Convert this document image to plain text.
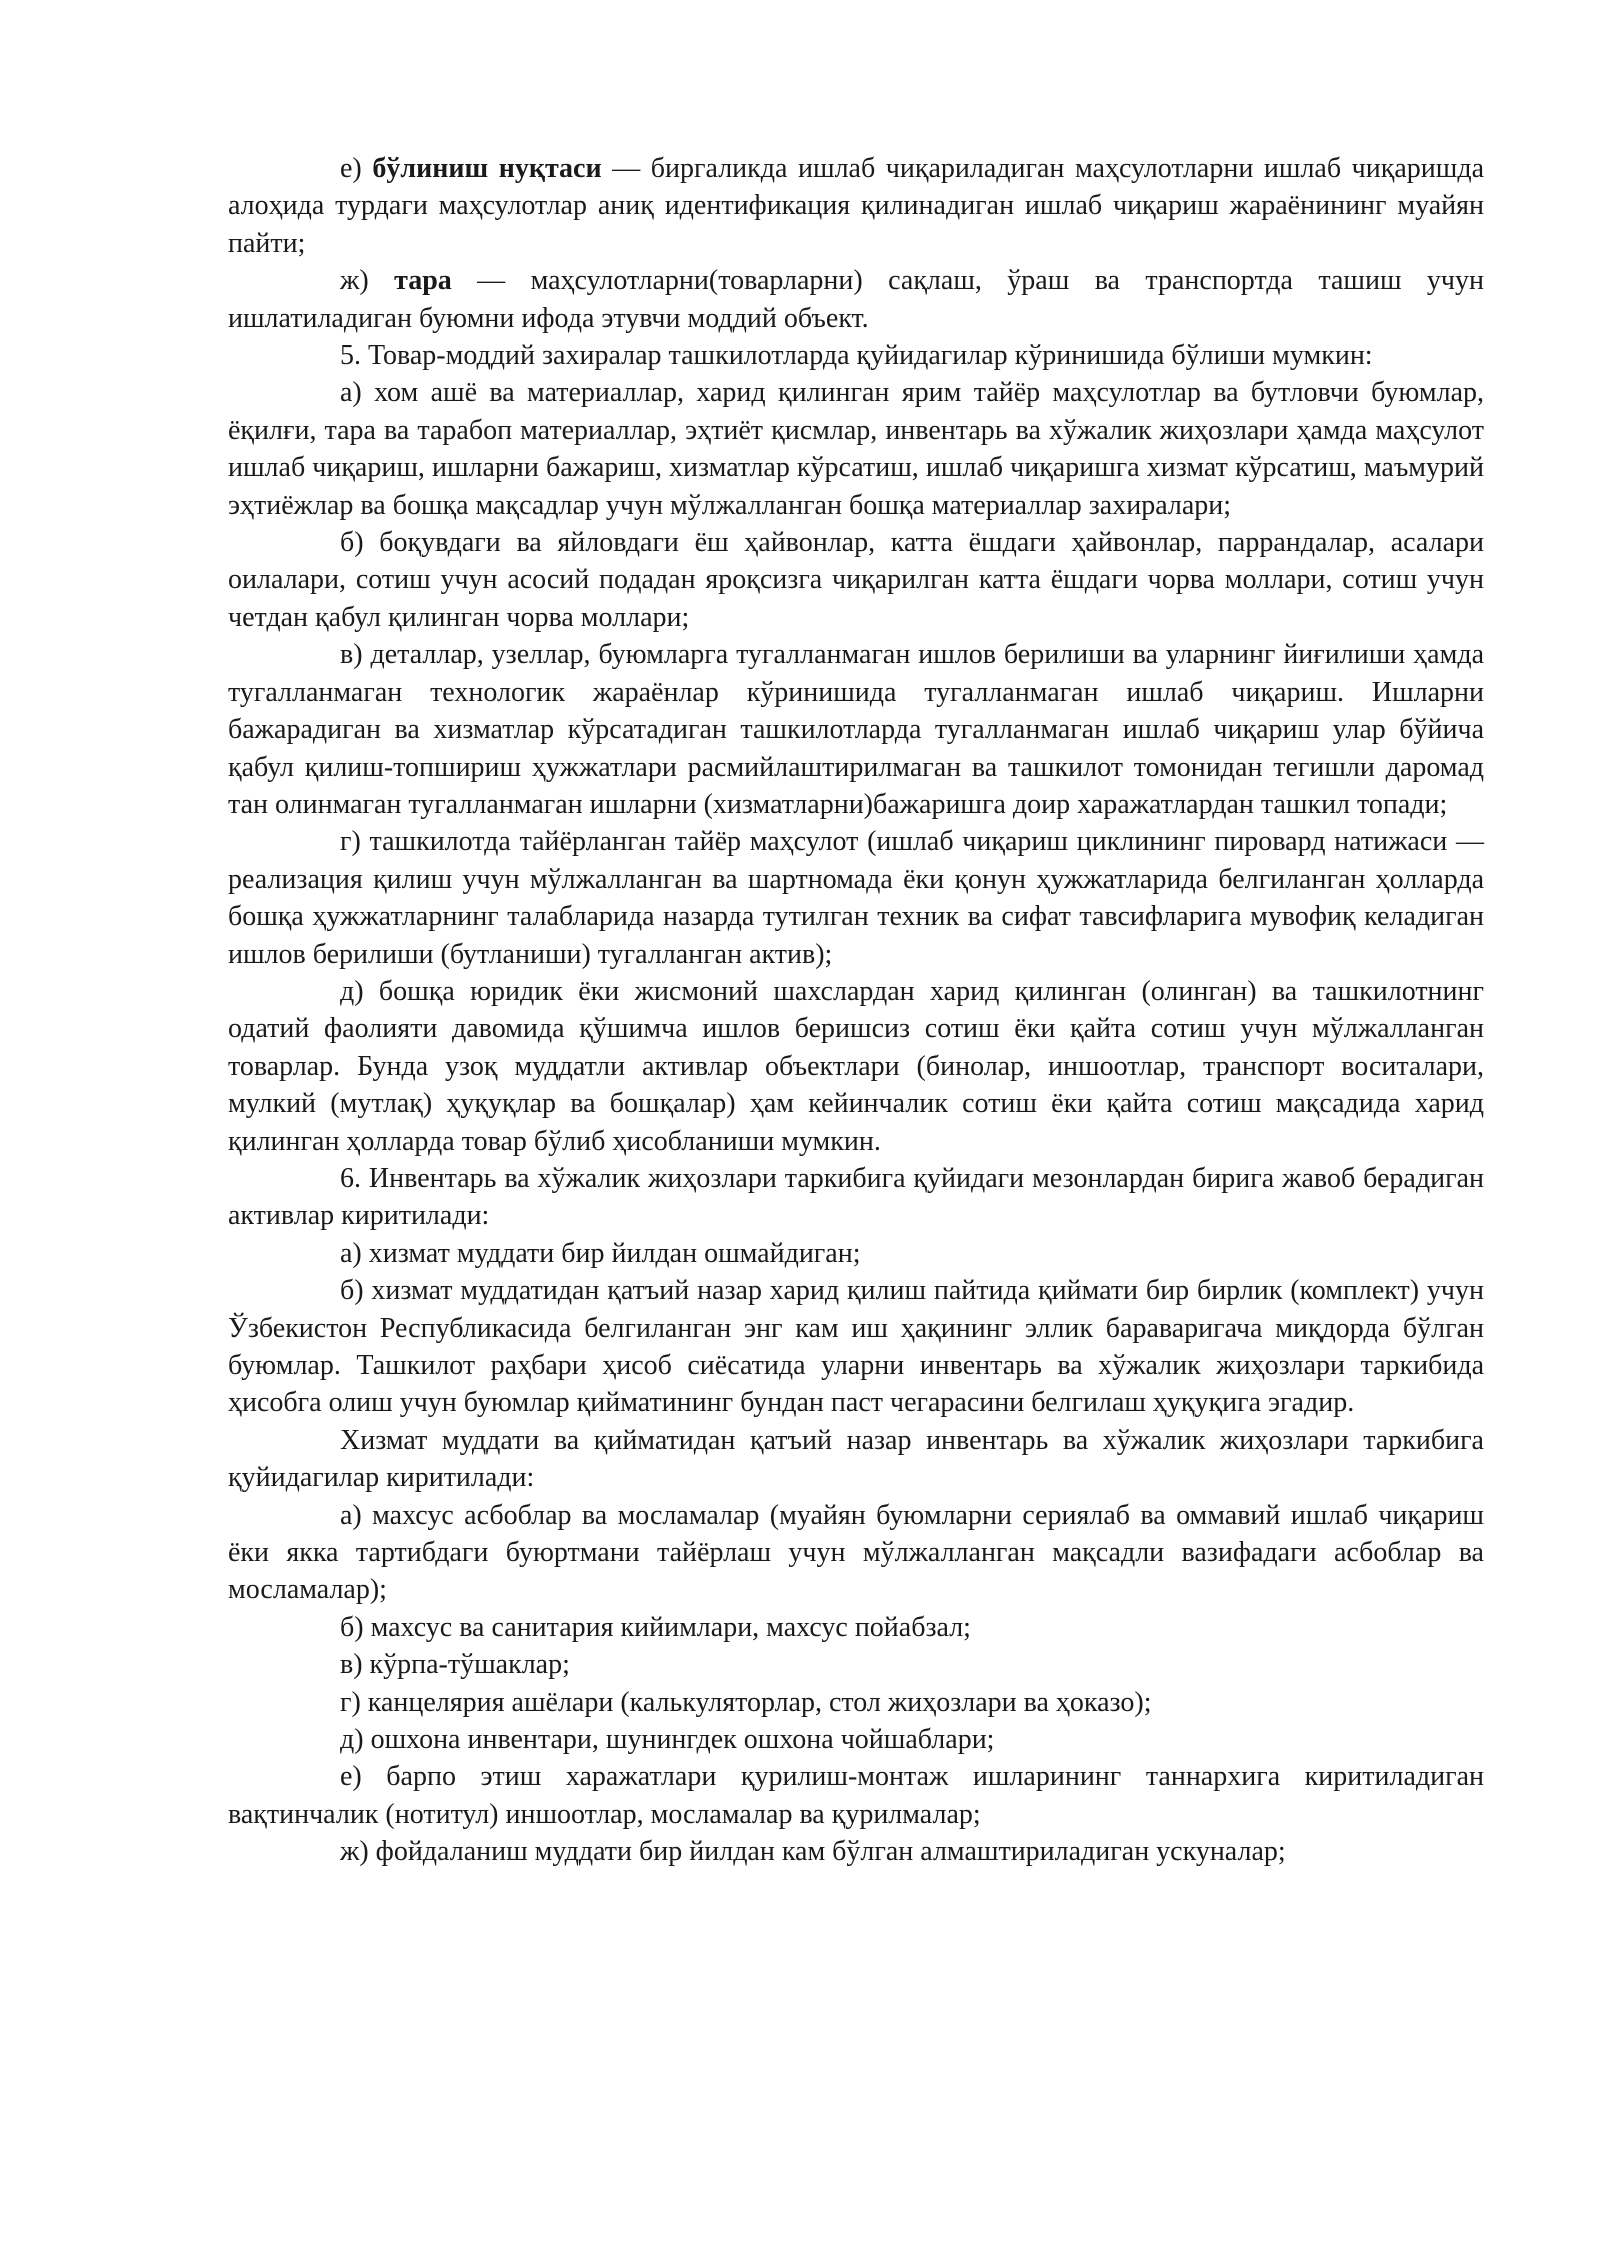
е) бўлиниш нуқтаси — биргаликда ишлаб чиқариладиган маҳсулотларни ишлаб чиқаришда алоҳида турдаги маҳсулотлар аниқ идентификация қилинадиган ишлаб чиқариш жараёнининг муайян пайти;

ж) тара — маҳсулотларни(товарларни) сақлаш, ўраш ва транспортда ташиш учун ишлатиладиган буюмни ифода этувчи моддий объект.

5. Товар-моддий захиралар ташкилотларда қуйидагилар кўринишида бўлиши мумкин:

а) хом ашё ва материаллар, харид қилинган ярим тайёр маҳсулотлар ва бутловчи буюмлар, ёқилғи, тара ва тарабоп материаллар, эҳтиёт қисмлар, инвентарь ва хўжалик жиҳозлари ҳамда маҳсулот ишлаб чиқариш, ишларни бажариш, хизматлар кўрсатиш, ишлаб чиқаришга хизмат кўрсатиш, маъмурий эҳтиёжлар ва бошқа мақсадлар учун мўлжалланган бошқа материаллар захиралари;

б) боқувдаги ва яйловдаги ёш ҳайвонлар, катта ёшдаги ҳайвонлар, паррандалар, асалари оилалари, сотиш учун асосий подадан яроқсизга чиқарилган катта ёшдаги чорва моллари, сотиш учун четдан қабул қилинган чорва моллари;

в) деталлар, узеллар, буюмларга тугалланмаган ишлов берилиши ва уларнинг йиғилиши ҳамда тугалланмаган технологик жараёнлар кўринишида тугалланмаган ишлаб чиқариш. Ишларни бажарадиган ва хизматлар кўрсатадиган ташкилотларда тугалланмаган ишлаб чиқариш улар бўйича қабул қилиш-топшириш ҳужжатлари расмийлаштирилмаган ва ташкилот томонидан тегишли даромад тан олинмаган тугалланмаган ишларни (хизматларни)бажаришга доир харажатлардан ташкил топади;

г) ташкилотда тайёрланган тайёр маҳсулот (ишлаб чиқариш циклининг пировард натижаси — реализация қилиш учун мўлжалланган ва шартномада ёки қонун ҳужжатларида белгиланган ҳолларда бошқа ҳужжатларнинг талабларида назарда тутилган техник ва сифат тавсифларига мувофиқ келадиган ишлов берилиши (бутланиши) тугалланган актив);

д) бошқа юридик ёки жисмоний шахслардан харид қилинган (олинган) ва ташкилотнинг одатий фаолияти давомида қўшимча ишлов беришсиз сотиш ёки қайта сотиш учун мўлжалланган товарлар. Бунда узоқ муддатли активлар объектлари (бинолар, иншоотлар, транспорт воситалари, мулкий (мутлақ) ҳуқуқлар ва бошқалар) ҳам кейинчалик сотиш ёки қайта сотиш мақсадида харид қилинган ҳолларда товар бўлиб ҳисобланиши мумкин.

6. Инвентарь ва хўжалик жиҳозлари таркибига қуйидаги мезонлардан бирига жавоб берадиган активлар киритилади:

а) хизмат муддати бир йилдан ошмайдиган;

б) хизмат муддатидан қатъий назар харид қилиш пайтида қиймати бир бирлик (комплект) учун Ўзбекистон Республикасида белгиланган энг кам иш ҳақининг эллик бараваригача миқдорда бўлган буюмлар. Ташкилот раҳбари ҳисоб сиёсатида уларни инвентарь ва хўжалик жиҳозлари таркибида ҳисобга олиш учун буюмлар қийматининг бундан паст чегарасини белгилаш ҳуқуқига эгадир.

Хизмат муддати ва қийматидан қатъий назар инвентарь ва хўжалик жиҳозлари таркибига қуйидагилар киритилади:

а) махсус асбоблар ва мосламалар (муайян буюмларни сериялаб ва оммавий ишлаб чиқариш ёки якка тартибдаги буюртмани тайёрлаш учун мўлжалланган мақсадли вазифадаги асбоблар ва мосламалар);

б) махсус ва санитария кийимлари, махсус пойабзал;

в) кўрпа-тўшаклар;

г) канцелярия ашёлари (калькуляторлар, стол жиҳозлари ва ҳоказо);

д) ошхона инвентари, шунингдек ошхона чойшаблари;

е) барпо этиш харажатлари қурилиш-монтаж ишларининг таннархига киритиладиган вақтинчалик (нотитул) иншоотлар, мосламалар ва қурилмалар;

ж) фойдаланиш муддати бир йилдан кам бўлган алмаштириладиган ускуналар;
